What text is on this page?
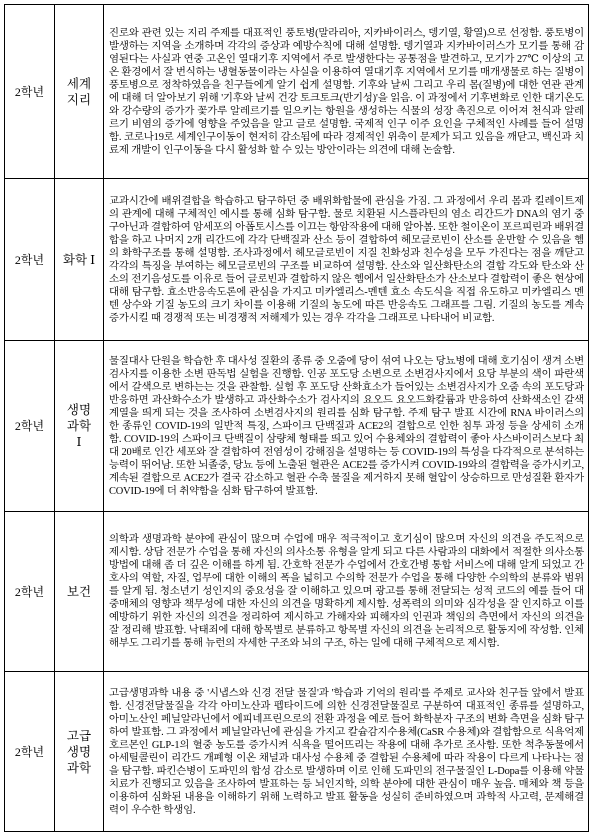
2학년
세계지리
진로와 관련 있는 지리 주제를 대표적인 풍토병(말라리아, 지카바이러스, 뎅기열, 황열)으로 선정함. 풍토병이 발생하는 지역을 소개하며 각각의 증상과 예방수칙에 대해 설명함. 뎅기열과 지카바이러스가 모기를 통해 감염된다는 사실과 연중 고온인 열대기후 지역에서 주로 발생한다는 공통점을 발견하고, 모기가 27℃ 이상의 고온 환경에서 잘 번식하는 냉혈동물이라는 사실을 이용하여 열대기후 지역에서 모기를 매개생물로 하는 질병이 풍토병으로 정착하였음을 친구들에게 알기 쉽게 설명함. 기후와 날씨 그리고 우리 몸(질병)에 대한 연관 관계에 대해 더 알아보기 위해 '기후와 날씨 건강 토크토크(반기성)'을 읽음. 이 과정에서 기후변화로 인한 대기온도와 강수량의 증가가 꽃가루 알레르기를 일으키는 항원을 생성하는 식물의 성장 촉진으로 이어져 천식과 알레르기 비염의 증가에 영향을 주었음을 알고 글로 설명함. 국제적 인구 이주 요인을 구체적인 사례를 들어 설명함. 코로나19로 세계인구이동이 현저히 감소됨에 따라 경제적인 위축이 문제가 되고 있음을 깨닫고, 백신과 치료제 개발이 인구이동을 다시 활성화 할 수 있는 방안이라는 의견에 대해 논술함.
2학년 화학 Ⅰ
교과시간에 배위결합을 학습하고 탐구하던 중 배위화합물에 관심을 가짐. 그 과정에서 우리 몸과 킬레이트제의 관계에 대해 구체적인 예시를 통해 심화 탐구함. 물로 치환된 시스플라틴의 염소 리간드가 DNA의 염기 중 구아닌과 결합하여 암세포의 아폽토시스를 이끄는 항암작용에 대해 알아봄. 또한 철이온이 포르피린과 배위결합을 하고 나머지 2개 리간드에 각각 단백질과 산소 등이 결합하여 헤모글로빈이 산소를 운반할 수 있음을 헴의 화학구조를 통해 설명함. 조사과정에서 헤모글로빈이 지질 친화성과 친수성을 모두 가진다는 점을 깨닫고 각각의 특징을 부여하는 헤모글로빈의 구조를 비교하여 설명함. 산소와 일산화탄소의 결합 각도와 탄소와 산소의 전기음성도를 이유로 들어 글로빈과 결합하지 않은 헴에서 일산화탄소가 산소보다 결합력이 좋은 현상에 대해 탐구함. 효소반응속도론에 관심을 가지고 미카엘리스-멘텐 효소 속도식을 직접 유도하고 미카엘리스 멘텐 상수와 기질 농도의 크기 차이를 이용해 기질의 농도에 따른 반응속도 그래프를 그림. 기질의 농도를 계속 증가시킬 때 경쟁적 또는 비경쟁적 저해제가 있는 경우 각각을 그래프로 나타내어 비교함.
2학년
생명과학 Ⅰ
물질대사 단원을 학습한 후 대사성 질환의 종류 중 오줌에 당이 섞여 나오는 당뇨병에 대해 호기심이 생겨 소변검사지를 이용한 소변 판독법 실험을 진행함. 인공 포도당 소변으로 소변검사지에서 요당 부분의 색이 파란색에서 갈색으로 변하는는 것을 관찰함. 실험 후 포도당 산화효소가 들어있는 소변검사지가 오줌 속의 포도당과 반응하면 과산화수소가 발생하고 과산화수소가 검사지의 요오드 요오드화칼륨과 반응하여 산화색소인 갈색계열을 띄게 되는 것을 조사하여 소변검사지의 원리를 심화 탐구함. 주제 탐구 발표 시간에 RNA 바이러스의 한 종류인 COVID-19의 일반적 특징, 스파이크 단백질과 ACE2의 결합으로 인한 침투 과정 등을 상세히 소개함. COVID-19의 스파이크 단백질이 삼량체 형태를 띄고 있어 수용체와의 결합력이 좋아 사스바이러스보다 최대 20배로 인간 세포와 잘 결합하여 전염성이 강해짐을 설명하는 등 COVID-19의 특성을 다각적으로 분석하는 능력이 뛰어남. 또한 뇌졸중, 당뇨 등에 노출된 혈관은 ACE2를 증가시켜 COVID-19와의 결합력을 증가시키고, 계속된 결합으로 ACE2가 결국 감소하고 혈관 수축 물질을 제거하지 못해 혈압이 상승하므로 만성질환 환자가 COVID-19에 더 취약함을 심화 탐구하여 발표함.
2학년 보건
의학과 생명과학 분야에 관심이 많으며 수업에 매우 적극적이고 호기심이 많으며 자신의 의견을 주도적으로 제시함. 상담 전문가 수업을 통해 자신의 의사소통 유형을 알게 되고 다른 사람과의 대화에서 적절한 의사소통 방법에 대해 좀 더 깊은 이해를 하게 됨. 간호학 전문가 수업에서 간호간병 통합 서비스에 대해 알게 되었고 간호사의 역할, 자질, 업무에 대한 이해의 폭을 넓히고 수의학 전문가 수업을 통해 다양한 수의학의 분류와 범위를 알게 됨. 청소년기 성인지의 중요성을 잘 이해하고 있으며 광고를 통해 전달되는 성적 코드의 예를 들어 대중매체의 영향과 책무성에 대한 자신의 의견을 명확하게 제시함. 성폭력의 의미와 심각성을 잘 인지하고 이를 예방하기 위한 자신의 의견을 정리하여 제시하고 가해자와 피해자의 인권과 책임의 측면에서 자신의 의견을 잘 정리해 발표함. 낙태죄에 대해 항목별로 분류하고 항목별 자신의 의견을 논리적으로 활동지에 작성함. 인체 해부도 그리기를 통해 뉴런의 자세한 구조와 뇌의 구조, 하는 일에 대해 구체적으로 제시함.
2학년
고급생명과학
고급생명과학 내용 중 '시냅스와 신경 전달 물질'과 '학습과 기억의 원리'를 주제로 교사와 친구들 앞에서 발표함. 신경전달물질을 각각 아미노산과 펩타이드에 의한 신경전달물질로 구분하여 대표적인 종류를 설명하고, 아미노산인 페닐알라닌에서 에피네프린으로의 전환 과정을 예로 들어 화학분자 구조의 변화 측면을 심화 탐구하여 발표함. 그 과정에서 페닐알라닌에 관심을 가지고 칼슘감지수용체(CaSR 수용체)와 결합함으로 식욕억제 호르몬인 GLP-1의 혈중 농도를 증가시켜 식욕을 떨어뜨리는 작용에 대해 추가로 조사함. 또한 척추동물에서 아세틸콜린이 리간드 개폐형 이온 채널과 대사성 수용체 중 결합된 수용체에 따라 작용이 다르게 나타나는 점을 탐구함. 파킨슨병이 도파민의 합성 감소로 발생하며 이로 인해 도파민의 전구물질인 L-Dopa를 이용해 약물치료가 진행되고 있음을 조사하여 발표하는 등 뇌인지학, 의학 분야에 대한 관심이 매우 높음. 매체와 책 등을 이용하여 심화된 내용을 이해하기 위해 노력하고 발표 활동을 성실히 준비하였으며 과학적 사고력, 문제해결력이 우수한 학생임.
